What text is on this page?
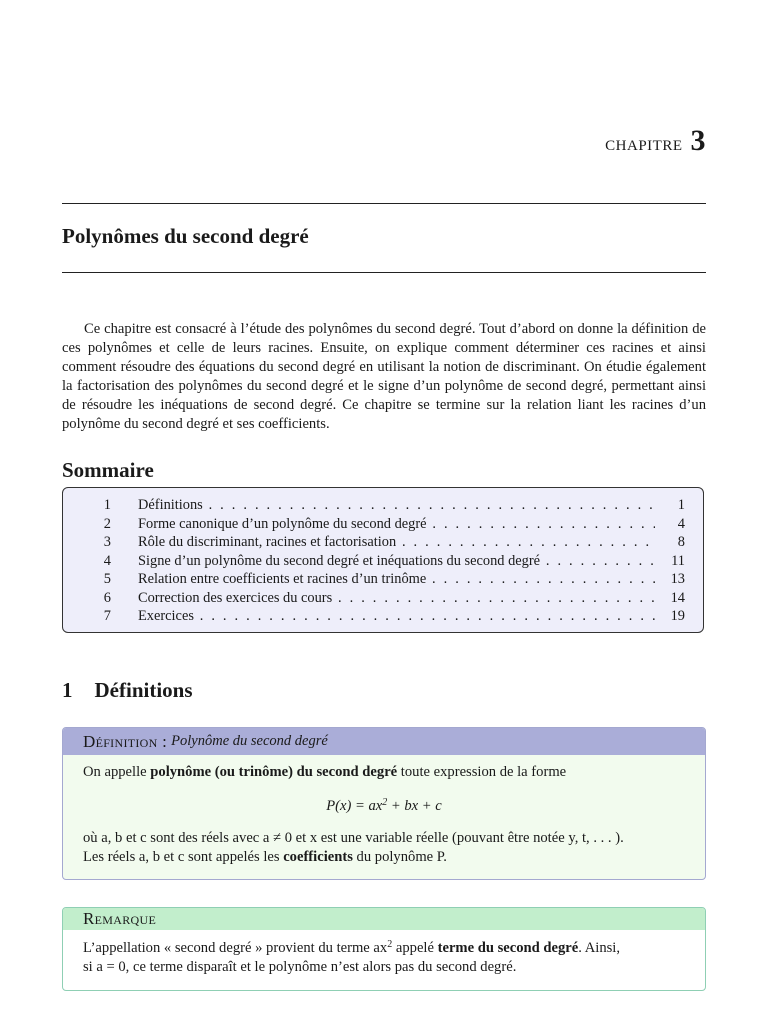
chapitre 3
Polynômes du second degré

Ce chapitre est consacré à l’étude des polynômes du second degré. Tout d’abord on donne la définition de ces polynômes et celle de leurs racines. Ensuite, on explique comment déterminer ces racines et ainsi comment résoudre des équations du second degré en utilisant la notion de discriminant. On étudie également la factorisation des polynômes du second degré et le signe d’un polynôme de second degré, permettant ainsi de résoudre les inéquations de second degré. Ce chapitre se termine sur la relation liant les racines d’un polynôme du second degré et ses coefficients.

Sommaire
1 Définitions . . .	1
2 Forme canonique d’un polynôme du second degré . . .	4
3 Rôle du discriminant, racines et factorisation . . .	8
4 Signe d’un polynôme du second degré et inéquations du second degré . . .	11
5 Relation entre coefficients et racines d’un trinôme . . .	13
6 Correction des exercices du cours . . .	14
7 Exercices . . .	19
1 Définitions
Définition : Polynôme du second degré
On appelle polynôme (ou trinôme) du second degré toute expression de la forme
$P(x) = ax^2$ + bx + c
où a, b et c sont des réels avec a ≠ 0 et x est une variable réelle (pouvant être notée y, t, . . . ).
Les réels a, b et c sont appelés les coefficients du polynôme P.
Remarque
L’appellation « second degré » provient du terme $ax^2$ appelé terme du second degré. Ainsi,
si a = 0, ce terme disparaît et le polynôme n’est alors pas du second degré.
